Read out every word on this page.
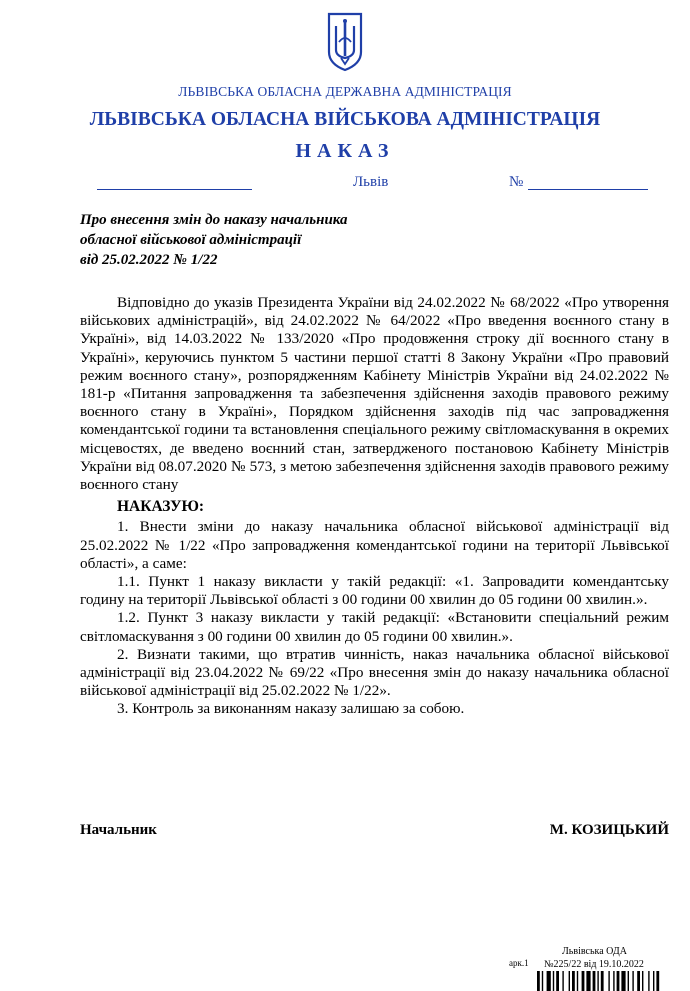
ЛЬВІВСЬКА ОБЛАСНА ДЕРЖАВНА АДМІНІСТРАЦІЯ
ЛЬВІВСЬКА ОБЛАСНА ВІЙСЬКОВА АДМІНІСТРАЦІЯ
НАКАЗ
Львів	№
Про внесення змін до наказу начальника
обласної військової адміністрації
від 25.02.2022 № 1/22

Відповідно до указів Президента України від 24.02.2022 № 68/2022 «Про утворення військових адміністрацій», від 24.02.2022 № 64/2022 «Про введення воєнного стану в Україні», від 14.03.2022 № 133/2020 «Про продовження строку дії воєнного стану в Україні», керуючись пунктом 5 частини першої статті 8 Закону України «Про правовий режим воєнного стану», розпорядженням Кабінету Міністрів України від 24.02.2022 № 181-р «Питання запровадження та забезпечення здійснення заходів правового режиму воєнного стану в Україні», Порядком здійснення заходів під час запровадження комендантської години та встановлення спеціального режиму світломаскування в окремих місцевостях, де введено воєнний стан, затвердженого постановою Кабінету Міністрів України від 08.07.2020 № 573, з метою забезпечення здійснення заходів правового режиму воєнного стану

НАКАЗУЮ:

1. Внести зміни до наказу начальника обласної військової адміністрації від 25.02.2022 № 1/22 «Про запровадження комендантської години на території Львівської області», а саме:

1.1. Пункт 1 наказу викласти у такій редакції: «1. Запровадити комендантську годину на території Львівської області з 00 години 00 хвилин до 05 години 00 хвилин.».

1.2. Пункт 3 наказу викласти у такій редакції: «Встановити спеціальний режим світломаскування з 00 години 00 хвилин до 05 години 00 хвилин.».

2. Визнати такими, що втратив чинність, наказ начальника обласної військової адміністрації від 23.04.2022 № 69/22 «Про внесення змін до наказу начальника обласної військової адміністрації від 25.02.2022 № 1/22».

3. Контроль за виконанням наказу залишаю за собою.

Начальник	М. КОЗИЦЬКИЙ
Львівська ОДА
арк.1 №225/22 від 19.10.2022
